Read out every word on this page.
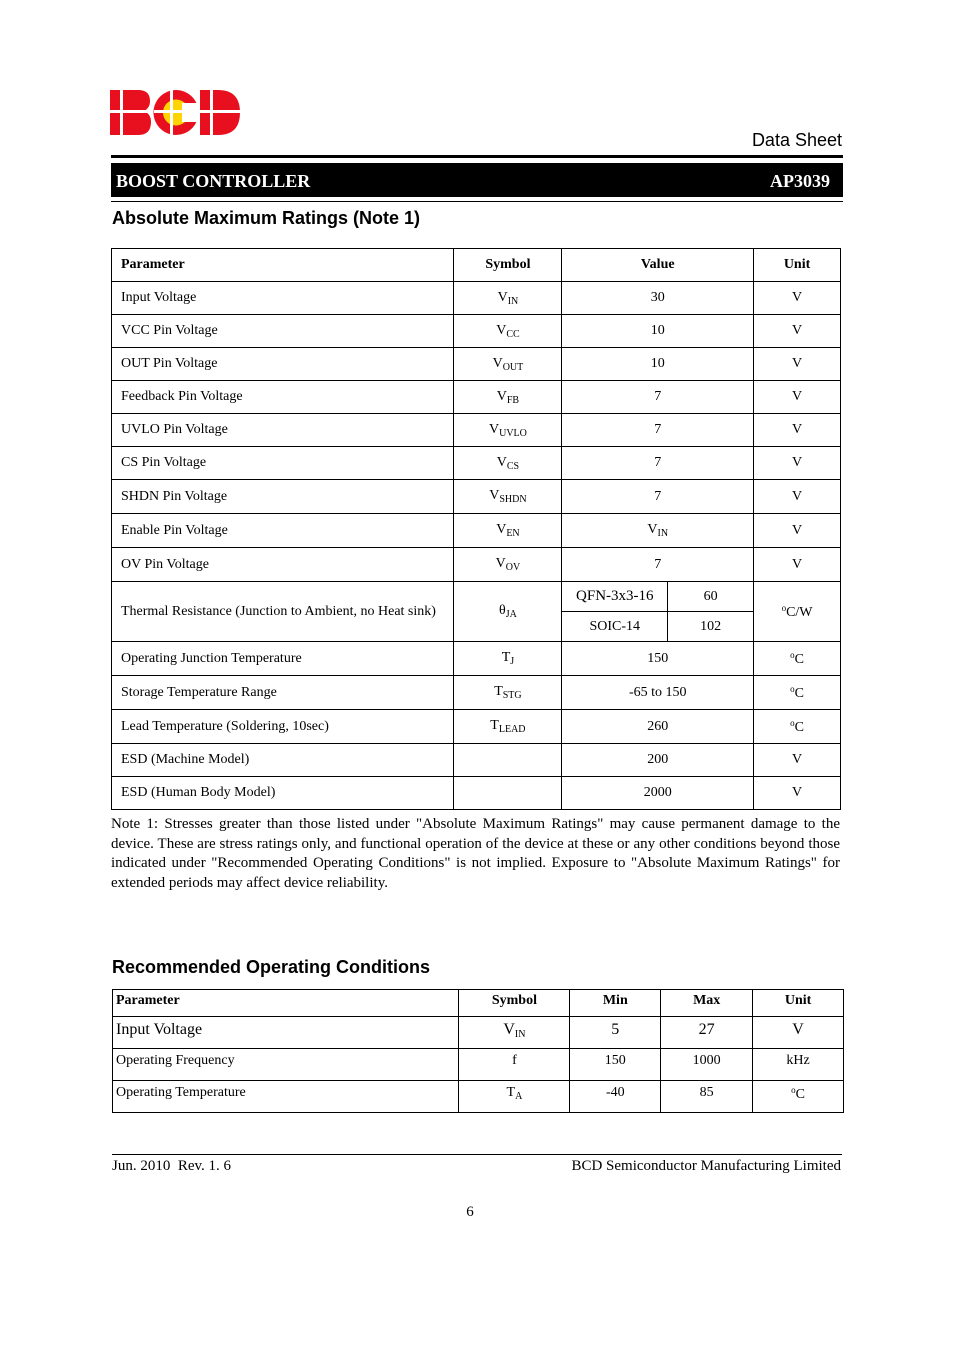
Data Sheet
BOOST CONTROLLER	AP3039
Absolute Maximum Ratings (Note 1)
Parameter	Symbol	Value		Unit
Input Voltage	$V_{IN}$	30		V
VCC Pin Voltage	$V_{CC}$	10		V
OUT Pin Voltage	$V_{OUT}$	10		V
Feedback Pin Voltage	$V_{FB}$	7		V
UVLO Pin Voltage	$V_{UVLO}$	7		V
CS Pin Voltage	$V_{CS}$	7		V
SHDN Pin Voltage	$V_{SHDN}$	7		V
Enable Pin Voltage	$V_{EN}$	$V_{IN}$		V
OV Pin Voltage	$V_{OV}$	7		V
Thermal Resistance (Junction to Ambient, no Heat sink)	$\theta_{JA}$	QFN-3x3-16	60	$^o$C/W
		SOIC-14	102	
Operating Junction Temperature	$T_J$	150		$^o$C
Storage Temperature Range	$T_{STG}$	-65 to 150		$^o$C
Lead Temperature (Soldering, 10sec)	$T_{LEAD}$	260		$^o$C
ESD (Machine Model)		200		V
ESD (Human Body Model)		2000		V
Note 1: Stresses greater than those listed under "Absolute Maximum Ratings" may cause permanent damage to the device. These are stress ratings only, and functional operation of the device at these or any other conditions beyond those indicated under "Recommended Operating Conditions" is not implied. Exposure to "Absolute Maximum Ratings" for extended periods may affect device reliability.
Recommended Operating Conditions
Parameter	Symbol	Min	Max	Unit
Input Voltage	$V_{IN}$	5	27	V
Operating Frequency	f	150	1000	kHz
Operating Temperature	$T_A$	-40	85	$^o$C
Jun. 2010  Rev. 1. 6	BCD Semiconductor Manufacturing Limited
6
